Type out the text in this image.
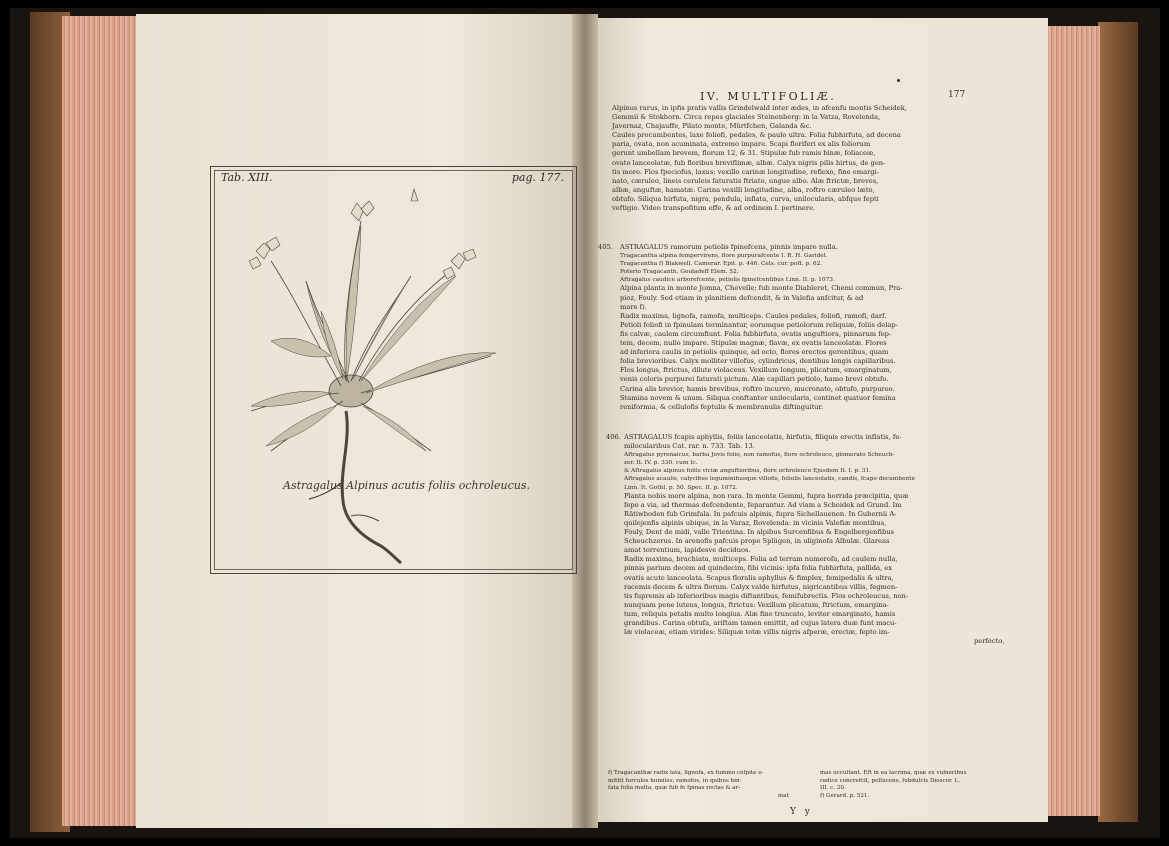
Tab. XIII.	pag. 177.
Astragalus Alpinus acutis foliis ochroleucus.
IV. MULTIFOLIÆ.	177
Alpinus rarus, in ipfis pratis vallis Grindelwald inter ædes, in afcenfu montis Scheidek,
Gemmii & Stokhorn. Circa repes glaciales Steinenberg: in la Vatza, Rovelenda,
Javernaz, Chajauffe, Pilato monte, Mürtfchen, Galanda &c.
Caules procumbentes, laxe foliofi, pedales, & paulo ultra. Folia fubhirfuta, ad decena
paria, ovata, non acuminata, extremo impare. Scapi floriferi ex alis foliorum
gerunt umbellam brevem, florum 12, & 31. Stipulæ fub ramis binæ, foliaceæ,
ovato lanceolatæ, fub floribus breviflimæ, albæ. Calyx nigris pilis hirtus, de gen-
tis more. Flos fpeciofus, laxus; vexillo carinæ longitudine, reflexo, fine emargi-
nato, cæruleo, lineis ceruleis faturatis ftriato, ungue albo. Alæ ftrictæ, breves,
albæ, anguftæ, hamatæ. Carina vexilli longitudine, alba, roftro cæruleo læto,
obtufo. Siliqua hirfuta, nigra, pendula, inflata, curva, unilocularis, abfque fepti
veftigio. Video transpofitum effe, & ad ordinem I. pertinere.
405. ASTRAGALUS ramorum petiolis fpinefcens, pinnis impare nulla.
Tragacantha alpina fempervirens, flore purpurafcente I. R. H. Garidel.
Tragacantha f) Blakwell. Camerar. Epit. p. 446. Cels. cur. poft. p. 62.
Poterio Tragacanth. Gouladeff Elem. 52.
Aftragalus caudice arborefcente, petiolis fpinefcentibus Linn. II. p. 1073.
Alpina planta in monte Jomna, Chevelle; fub monte Diableret, Chemi commun, Pra-
pioz, Fouly. Sed etiam in planitiem defcendit, & in Valefia anfcitur, & ad
mare f).
Radix maxima, lignofa, ramofa, multiceps. Caules pedales, foliofi, ramofi, darf.
Petioli foliofi in fpinulam terminantur, eorumque petiolorum reliquiæ, foliis delap-
fis calvæ, caulem circumfiunt. Folia fubhirfuta, ovatis anguftiora, pinnarum fep-
tem, decem, nullo impare. Stipulæ magnæ, flavæ, ex ovatis lanceolatæ. Flores
ad inferiora caulis in petiolis quinque, ad octo, flores erectos gerentibus, quam
folia brevioribus. Calyx molliter villofus, cylindricus, dentibus longis capillaribus.
Flos longus, ftrictus, dilute violaceus. Vexillum longum, plicatum, emarginatum,
venis coloris purpurei faturati pictum. Alæ capillari petiolo, hamo brevi obtufo.
Carina alis brevior, hamis brevibus, roftro incurvo, mucronato, obtufo, purpureo.
Stamina novem & unum. Siliqua conftanter unilocularis, continet quatuor femina
reniformia, & cellulofis feptulis & membranulis diftinguitur.
406. ASTRAGALUS fcapis aphyllis, foliis lanceolatis, hirfutis, filiquis erectis inflatis, fe-
milocularibus Cat. rar. n. 733. Tab. 13.
Aftragalus pyrenaicus, barba Jovis folio, non ramofus, flore ochroleuco, glomerato Scheuch-
zer. It. IV. p. 330. cum Ic.
& Aftragalus alpinus foliis viciæ anguftioribus, flore ochroleuco Ejusdem It. I. p. 31.
Aftragalus acaulis, calycibus leguminibusque villofis, foliolis lanceolatis, candis, fcapo decumbente
Linn. It. Gothl. p. 50. Spec. II. p. 1072.
Planta nobis mere alpina, non rara. In monte Gemmi, fupra horrida præcipitia, quæ
fepe a via, ad thermas defcendente, feparantur. Ad viam a Scheidek ad Grund. Im
Rätiwboden fub Grimfala. In pafcuis alpinis, fupra Sichellauenen. In Gubernii A-
quilejenfis alpinis ubique, in la Varaz, Rovelenda: in vicinis Valefiæ montibus,
Fouly, Dent de midi, valle Trientina. In alpibus Surcenfibus & Engelbergenfibus
Scheuchzerus. In arenofis pafcuis prope Splügen, in uliginofa Albulæ. Glareas
amat torrentium, lapidesve deciduos.
Radix maxima, brachiata, multiceps. Folia ad terram numerofa, ad caulem nulla,
pinnis parium decem ad quindecim, fibi vicinis: ipfa folia fubhirfuta, pallida, ex
ovatis acute lanceolata. Scapus floralis aphyllus & fimplex, femipedalis & ultra,
racemis decem & ultra florum. Calyx valde hirfutus, nigricantibus villis, fegmen-
tis fupremis ab inferioribus magis diftantibus, femifubrectis. Flos ochroleucus, non-
nunquam pene luteus, longus, ftrictus: Vexillum plicatum, ftrictum, emargina-
tum, reliquis petalis multo longius. Alæ fine truncato, leviter emarginato, hamis
grandibus. Carina obtufa, ariftam tamen emittit, ad cujus latera duæ funt macu-
læ violaceæ, etiam virides: Siliquæ totæ villis nigris afperæ, erectæ, fepto im-
perfecto,
f) Tragacanthæ radix lata, lignofa, ex fummo cefpite e-
mittit furculos humiles, ramofos, in quibus bin-
fata folia multa, quæ fub fe fpinas rectas & ar-
mat
mas occultant. Eft in ea lacrima, quæ ex vulneribus
radice concrefcit, pellucens, fubdulcis Dioscor. L.
III. c. 20.
f) Gerard. p. 521.
Y y
